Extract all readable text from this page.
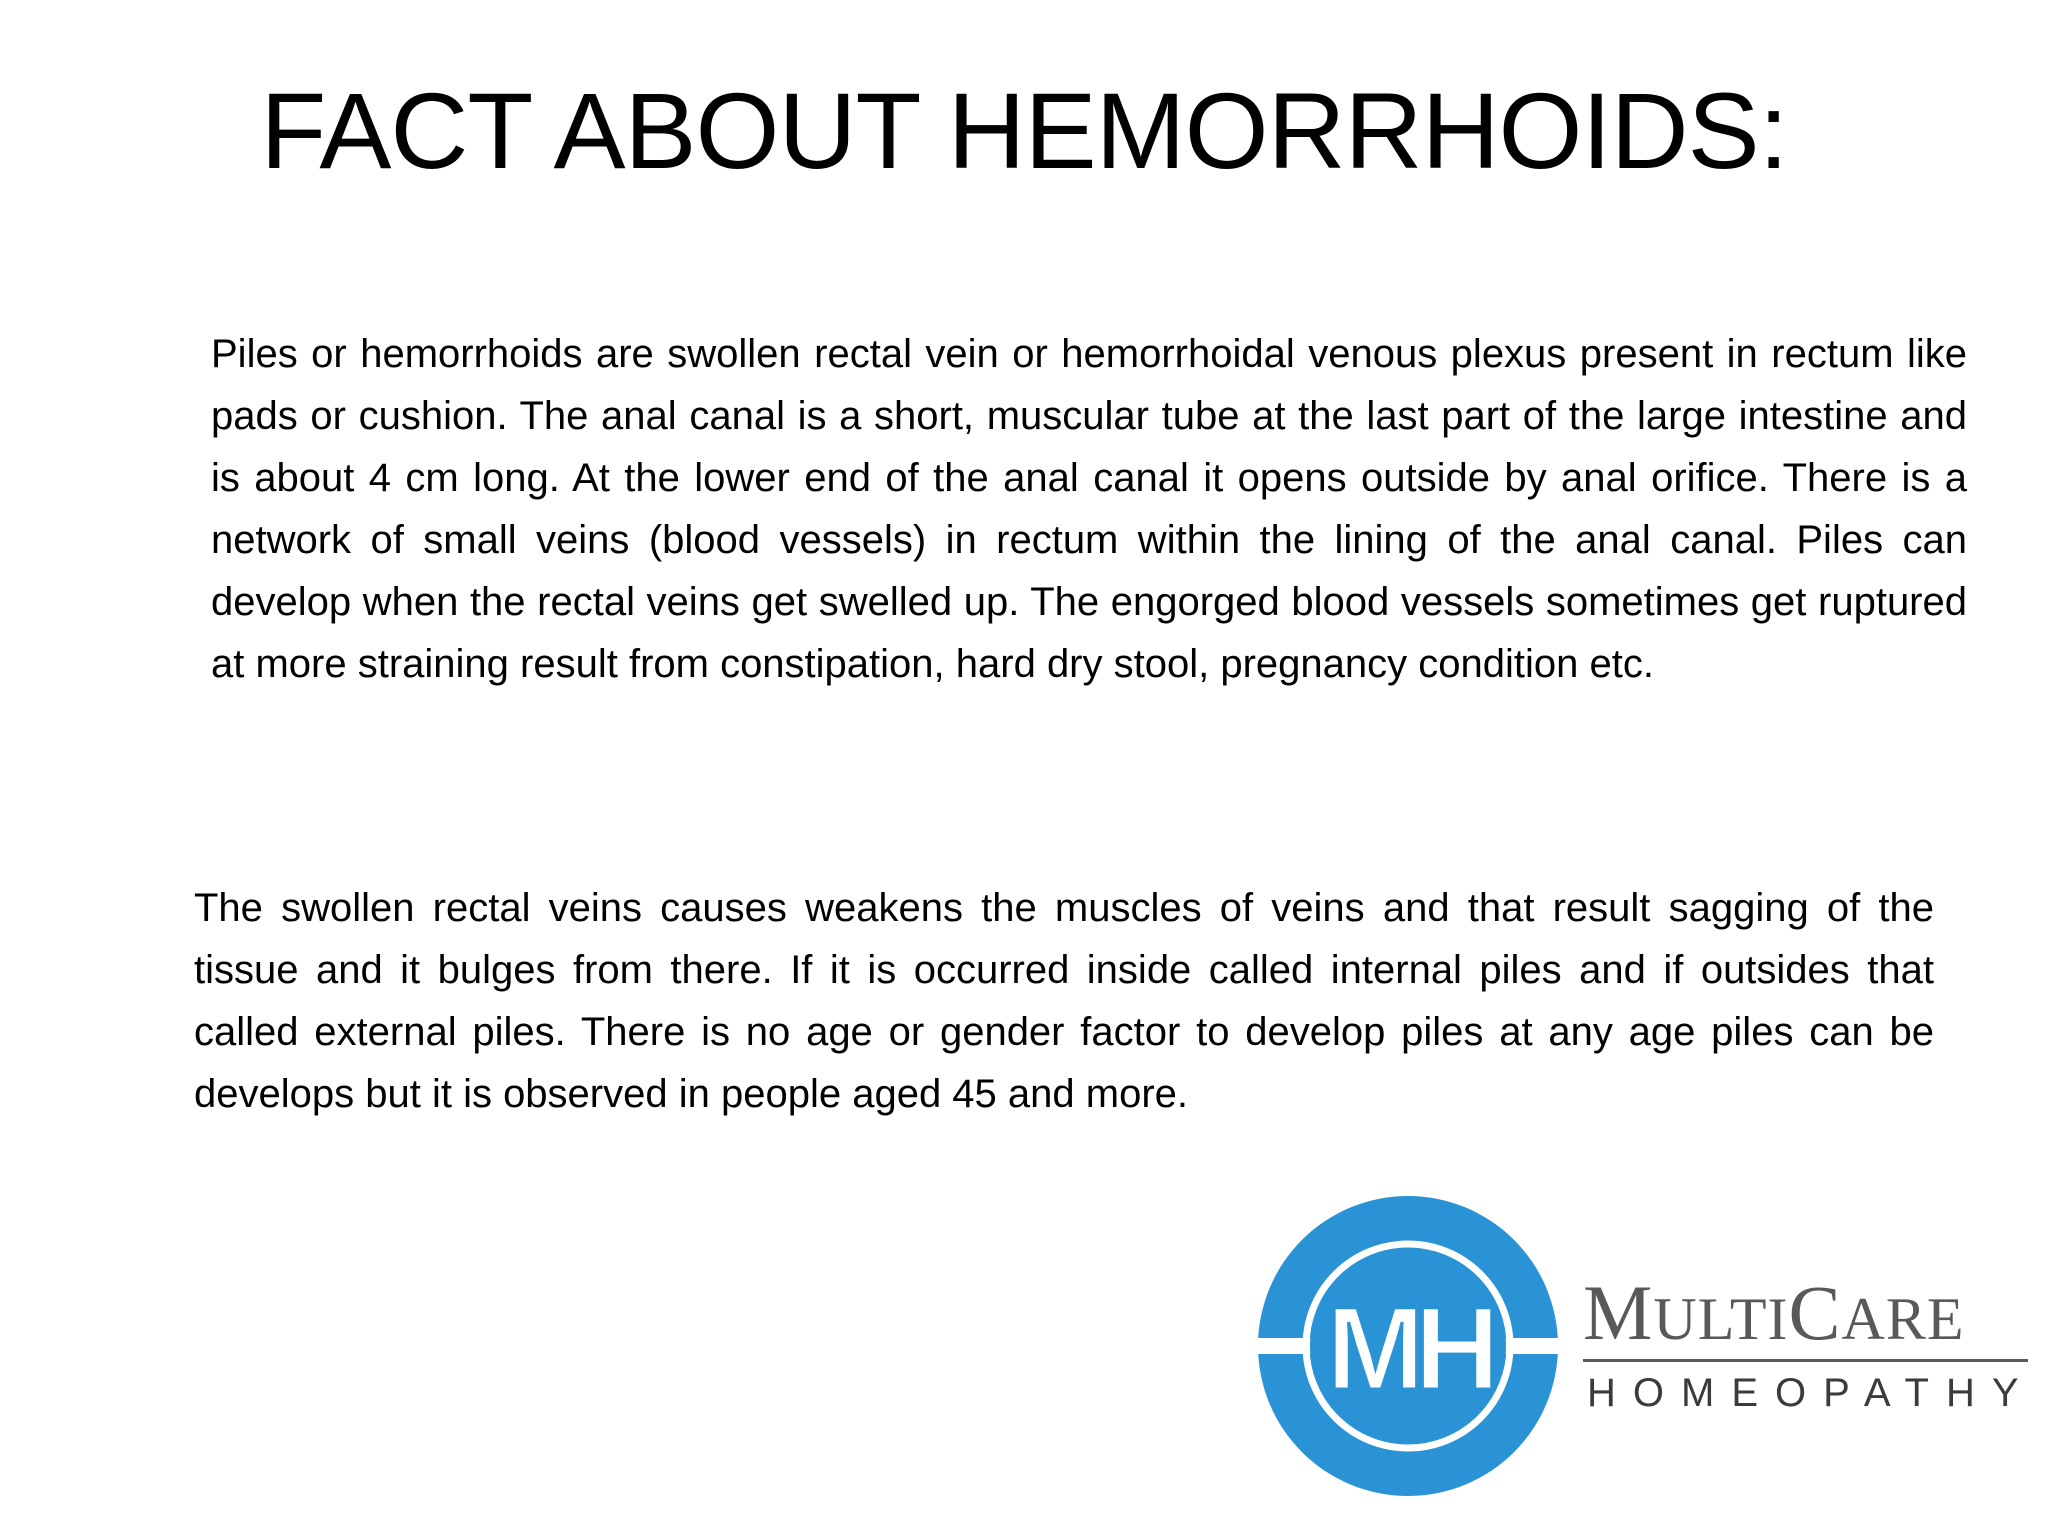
FACT ABOUT HEMORRHOIDS:

Piles or hemorrhoids are swollen rectal vein or hemorrhoidal venous plexus present in rectum like pads or cushion. The anal canal is a short, muscular tube at the last part of the large intestine and is about 4 cm long. At the lower end of the anal canal it opens outside by anal orifice. There is a network of small veins (blood vessels) in rectum within the lining of the anal canal. Piles can develop when the rectal veins get swelled up. The engorged blood vessels sometimes get ruptured at more straining result from constipation, hard dry stool, pregnancy condition etc.

The swollen rectal veins causes weakens the muscles of veins and that result sagging of the tissue and it bulges from there. If it is occurred inside called internal piles and if outsides that called external piles. There is no age or gender factor to develop piles at any age piles can be develops but it is observed in people aged 45 and more.

MH MULTICARE
HOMEOPATHY
